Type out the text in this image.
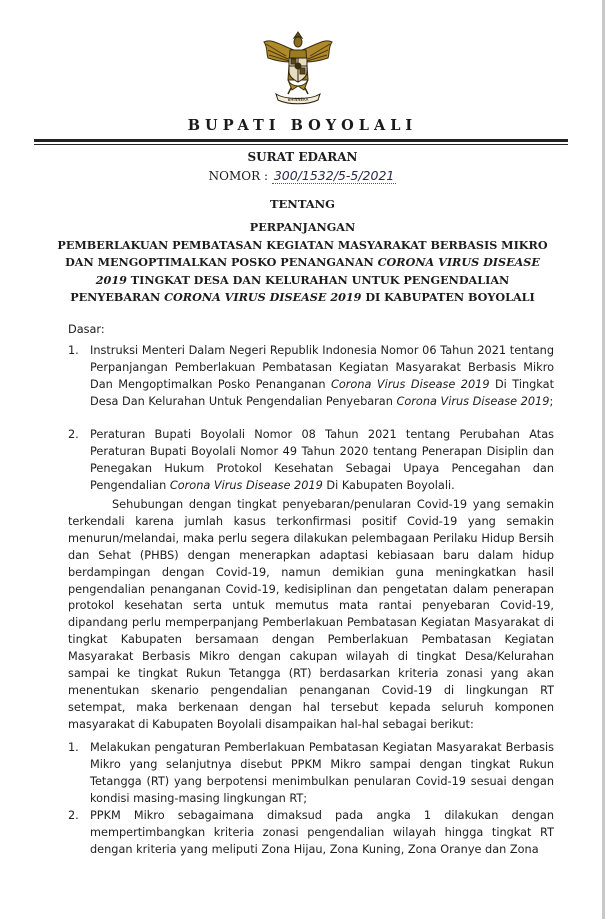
BHINNEKA
BUPATI BOYOLALI
SURAT EDARAN
NOMOR : 300/1532/5-5/2021
TENTANG
PERPANJANGAN
PEMBERLAKUAN PEMBATASAN KEGIATAN MASYARAKAT BERBASIS MIKRO
DAN MENGOPTIMALKAN POSKO PENANGANAN CORONA VIRUS DISEASE
2019 TINGKAT DESA DAN KELURAHAN UNTUK PENGENDALIAN
PENYEBARAN CORONA VIRUS DISEASE 2019 DI KABUPATEN BOYOLALI
Dasar:
1. Instruksi Menteri Dalam Negeri Republik Indonesia Nomor 06 Tahun 2021 tentang Perpanjangan Pemberlakuan Pembatasan Kegiatan Masyarakat Berbasis Mikro Dan Mengoptimalkan Posko Penanganan Corona Virus Disease 2019 Di Tingkat Desa Dan Kelurahan Untuk Pengendalian Penyebaran Corona Virus Disease 2019;
2. Peraturan Bupati Boyolali Nomor 08 Tahun 2021 tentang Perubahan Atas Peraturan Bupati Boyolali Nomor 49 Tahun 2020 tentang Penerapan Disiplin dan Penegakan Hukum Protokol Kesehatan Sebagai Upaya Pencegahan dan Pengendalian Corona Virus Disease 2019 Di Kabupaten Boyolali.
Sehubungan dengan tingkat penyebaran/penularan Covid-19 yang semakin terkendali karena jumlah kasus terkonfirmasi positif Covid-19 yang semakin menurun/melandai, maka perlu segera dilakukan pelembagaan Perilaku Hidup Bersih dan Sehat (PHBS) dengan menerapkan adaptasi kebiasaan baru dalam hidup berdampingan dengan Covid-19, namun demikian guna meningkatkan hasil pengendalian penanganan Covid-19, kedisiplinan dan pengetatan dalam penerapan protokol kesehatan serta untuk memutus mata rantai penyebaran Covid-19, dipandang perlu memperpanjang Pemberlakuan Pembatasan Kegiatan Masyarakat di tingkat Kabupaten bersamaan dengan Pemberlakuan Pembatasan Kegiatan Masyarakat Berbasis Mikro dengan cakupan wilayah di tingkat Desa/Kelurahan sampai ke tingkat Rukun Tetangga (RT) berdasarkan kriteria zonasi yang akan menentukan skenario pengendalian penanganan Covid-19 di lingkungan RT setempat, maka berkenaan dengan hal tersebut kepada seluruh komponen masyarakat di Kabupaten Boyolali disampaikan hal-hal sebagai berikut:
1. Melakukan pengaturan Pemberlakuan Pembatasan Kegiatan Masyarakat Berbasis Mikro yang selanjutnya disebut PPKM Mikro sampai dengan tingkat Rukun Tetangga (RT) yang berpotensi menimbulkan penularan Covid-19 sesuai dengan kondisi masing-masing lingkungan RT;
2. PPKM Mikro sebagaimana dimaksud pada angka 1 dilakukan dengan mempertimbangkan kriteria zonasi pengendalian wilayah hingga tingkat RT dengan kriteria yang meliputi Zona Hijau, Zona Kuning, Zona Oranye dan Zona
